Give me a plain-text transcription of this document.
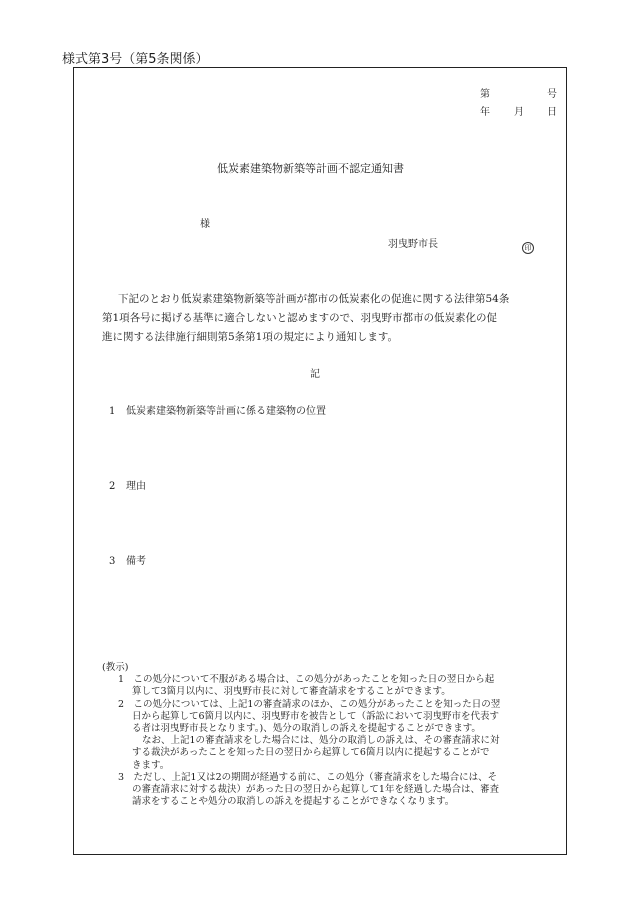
様式第3号（第5条関係）
第	号
年 月 日
低炭素建築物新築等計画不認定通知書
様
羽曳野市長	印
下記のとおり低炭素建築物新築等計画が都市の低炭素化の促進に関する法律第54条
第1項各号に掲げる基準に適合しないと認めますので、羽曳野市都市の低炭素化の促
進に関する法律施行細則第5条第1項の規定により通知します。
記
1 低炭素建築物新築等計画に係る建築物の位置
2 理由
3 備考
(教示)
1　この処分について不服がある場合は、この処分があったことを知った日の翌日から起
算して3箇月以内に、羽曳野市長に対して審査請求をすることができます。
2　この処分については、上記1の審査請求のほか、この処分があったことを知った日の翌
日から起算して6箇月以内に、羽曳野市を被告として（訴訟において羽曳野市を代表す
る者は羽曳野市長となります。)、処分の取消しの訴えを提起することができます。
なお、上記1の審査請求をした場合には、処分の取消しの訴えは、その審査請求に対
する裁決があったことを知った日の翌日から起算して6箇月以内に提起することがで
きます。
3　ただし、上記1又は2の期間が経過する前に、この処分（審査請求をした場合には、そ
の審査請求に対する裁決）があった日の翌日から起算して1年を経過した場合は、審査
請求をすることや処分の取消しの訴えを提起することができなくなります。
